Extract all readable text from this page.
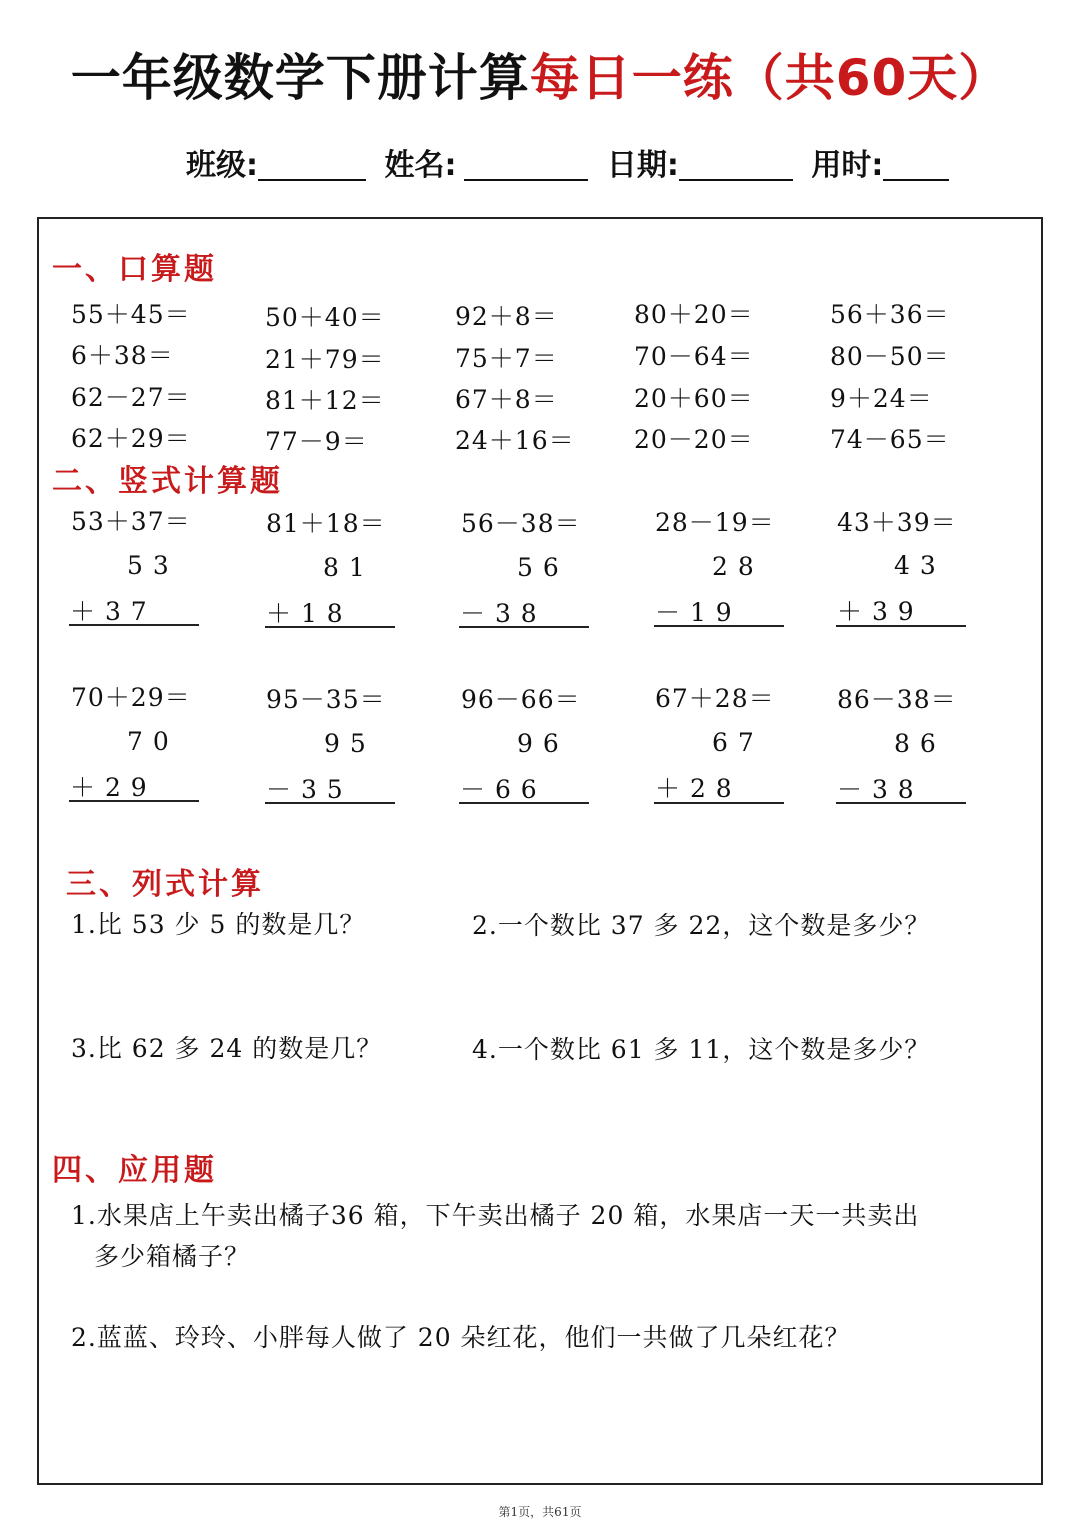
一年级数学下册计算每日一练（共60天）
班级:	姓名:	日期:	用时:
一、口算题
55＋45＝	50＋40＝	92＋8＝	80＋20＝	56＋36＝
6＋38＝	21＋79＝	75＋7＝	70－64＝	80－50＝
62－27＝	81＋12＝	67＋8＝	20＋60＝	9＋24＝
62＋29＝	77－9＝	24＋16＝ 20－20＝	74－65＝
二、竖式计算题
53＋37＝
5 3
＋ 3 7
81＋18＝
8 1
＋ 1 8
56－38＝
5 6
－ 3 8
28－19＝
2 8
－ 1 9
43＋39＝
4 3
＋ 3 9
70＋29＝
7 0
＋ 2 9
95－35＝
9 5
－ 3 5
96－66＝
9 6
－ 6 6
67＋28＝
6 7
＋ 2 8
86－38＝
8 6
－ 3 8
三、列式计算
1.比 53 少 5 的数是几？	2.一个数比 37 多 22，这个数是多少？
3.比 62 多 24 的数是几？	4.一个数比 61 多 11，这个数是多少？
四、应用题
1.水果店上午卖出橘子36 箱，下午卖出橘子 20 箱，水果店一天一共卖出
多少箱橘子？
2.蓝蓝、玲玲、小胖每人做了 20 朵红花，他们一共做了几朵红花？
第1页，共61页
